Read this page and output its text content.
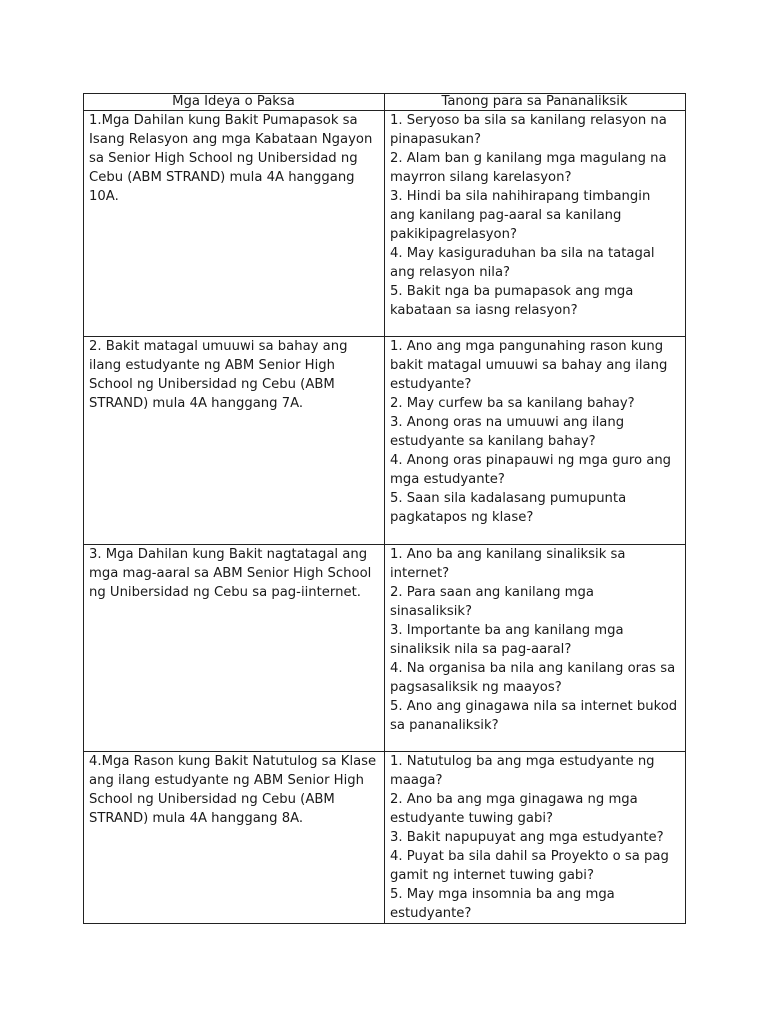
Mga Ideya o Paksa	Tanong para sa Pananaliksik

1.Mga Dahilan kung Bakit Pumapasok sa Isang Relasyon ang mga Kabataan Ngayon sa Senior High School ng Unibersidad ng Cebu (ABM STRAND) mula 4A hanggang 10A.	1. Seryoso ba sila sa kanilang relasyon na pinapasukan?
2. Alam ban g kanilang mga magulang na mayrron silang karelasyon?
3. Hindi ba sila nahihirapang timbangin ang kanilang pag-aaral sa kanilang pakikipagrelasyon?
4. May kasiguraduhan ba sila na tatagal ang relasyon nila?
5. Bakit nga ba pumapasok ang mga kabataan sa iasng relasyon?

2. Bakit matagal umuuwi sa bahay ang ilang estudyante ng ABM Senior High School ng Unibersidad ng Cebu (ABM STRAND) mula 4A hanggang 7A.	1. Ano ang mga pangunahing rason kung bakit matagal umuuwi sa bahay ang ilang estudyante?
2. May curfew ba sa kanilang bahay?
3. Anong oras na umuuwi ang ilang estudyante sa kanilang bahay?
4. Anong oras pinapauwi ng mga guro ang mga estudyante?
5. Saan sila kadalasang pumupunta pagkatapos ng klase?

3. Mga Dahilan kung Bakit nagtatagal ang mga mag-aaral sa ABM Senior High School ng Unibersidad ng Cebu sa pag-iinternet.	1. Ano ba ang kanilang sinaliksik sa internet?
2. Para saan ang kanilang mga sinasaliksik?
3. Importante ba ang kanilang mga sinaliksik nila sa pag-aaral?
4. Na organisa ba nila ang kanilang oras sa pagsasaliksik ng maayos?
5. Ano ang ginagawa nila sa internet bukod sa pananaliksik?

4.Mga Rason kung Bakit Natutulog sa Klase ang ilang estudyante ng ABM Senior High School ng Unibersidad ng Cebu (ABM STRAND) mula 4A hanggang 8A.	1. Natutulog ba ang mga estudyante ng maaga?
2. Ano ba ang mga ginagawa ng mga estudyante tuwing gabi?
3. Bakit napupuyat ang mga estudyante?
4. Puyat ba sila dahil sa Proyekto o sa pag gamit ng internet tuwing gabi?
5. May mga insomnia ba ang mga estudyante?
